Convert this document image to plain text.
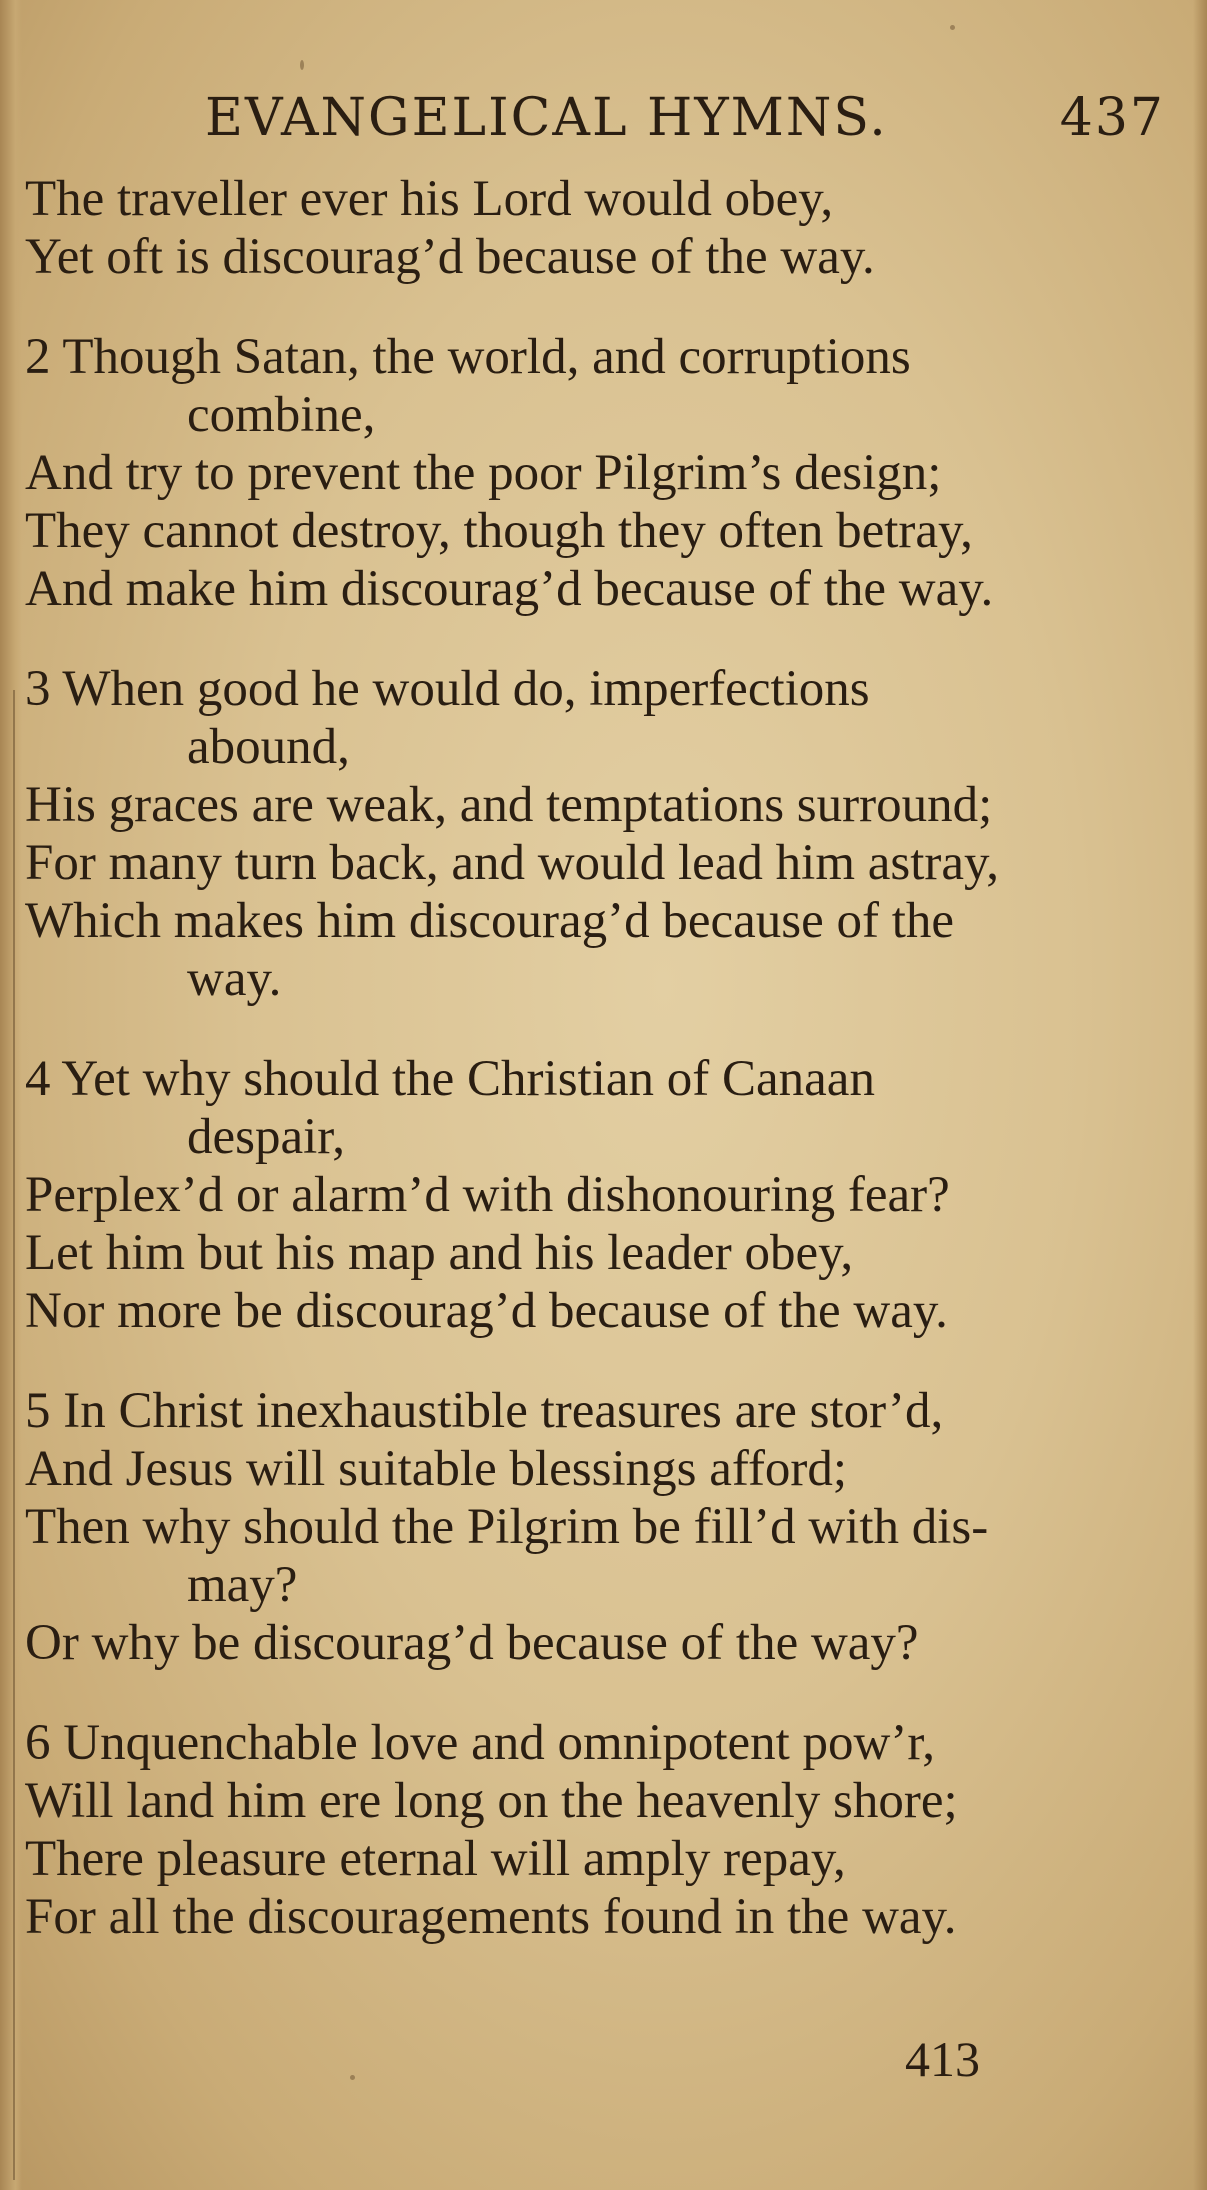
EVANGELICAL HYMNS.	437
The traveller ever his Lord would obey,
Yet oft is discourag’d because of the way.
2 Though Satan, the world, and corruptions
combine,
And try to prevent the poor Pilgrim’s design;
They cannot destroy, though they often betray,
And make him discourag’d because of the way.
3 When good he would do, imperfections
abound,
His graces are weak, and temptations surround;
For many turn back, and would lead him astray,
Which makes him discourag’d because of the
way.
4 Yet why should the Christian of Canaan
despair,
Perplex’d or alarm’d with dishonouring fear?
Let him but his map and his leader obey,
Nor more be discourag’d because of the way.
5 In Christ inexhaustible treasures are stor’d,
And Jesus will suitable blessings afford;
Then why should the Pilgrim be fill’d with dis-
may?
Or why be discourag’d because of the way?
6 Unquenchable love and omnipotent pow’r,
Will land him ere long on the heavenly shore;
There pleasure eternal will amply repay,
For all the discouragements found in the way.
413
